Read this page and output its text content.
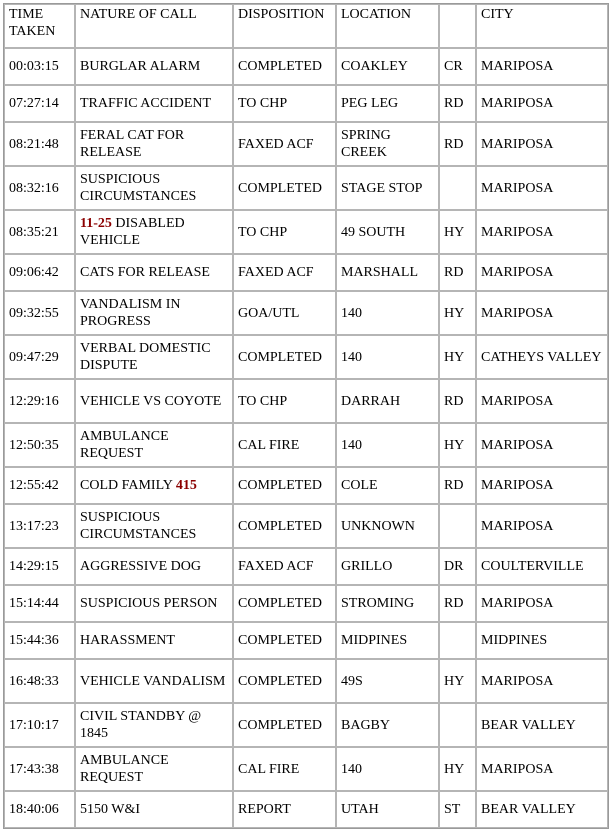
TIME TAKEN	NATURE OF CALL	DISPOSITION	LOCATION		CITY
00:03:15	BURGLAR ALARM	COMPLETED	COAKLEY	CR	MARIPOSA
07:27:14	TRAFFIC ACCIDENT	TO CHP	PEG LEG	RD	MARIPOSA
08:21:48	FERAL CAT FOR RELEASE	FAXED ACF	SPRING CREEK	RD	MARIPOSA
08:32:16	SUSPICIOUS CIRCUMSTANCES	COMPLETED	STAGE STOP		MARIPOSA
08:35:21	11-25 DISABLED VEHICLE	TO CHP	49 SOUTH	HY	MARIPOSA
09:06:42	CATS FOR RELEASE	FAXED ACF	MARSHALL	RD	MARIPOSA
09:32:55	VANDALISM IN PROGRESS	GOA/UTL	140	HY	MARIPOSA
09:47:29	VERBAL DOMESTIC DISPUTE	COMPLETED	140	HY	CATHEYS VALLEY
12:29:16	VEHICLE VS COYOTE	TO CHP	DARRAH	RD	MARIPOSA
12:50:35	AMBULANCE REQUEST	CAL FIRE	140	HY	MARIPOSA
12:55:42	COLD FAMILY 415	COMPLETED	COLE	RD	MARIPOSA
13:17:23	SUSPICIOUS CIRCUMSTANCES	COMPLETED	UNKNOWN		MARIPOSA
14:29:15	AGGRESSIVE DOG	FAXED ACF	GRILLO	DR	COULTERVILLE
15:14:44	SUSPICIOUS PERSON	COMPLETED	STROMING	RD	MARIPOSA
15:44:36	HARASSMENT	COMPLETED	MIDPINES		MIDPINES
16:48:33	VEHICLE VANDALISM	COMPLETED	49S	HY	MARIPOSA
17:10:17	CIVIL STANDBY @ 1845	COMPLETED	BAGBY		BEAR VALLEY
17:43:38	AMBULANCE REQUEST	CAL FIRE	140	HY	MARIPOSA
18:40:06	5150 W&I	REPORT	UTAH	ST	BEAR VALLEY
